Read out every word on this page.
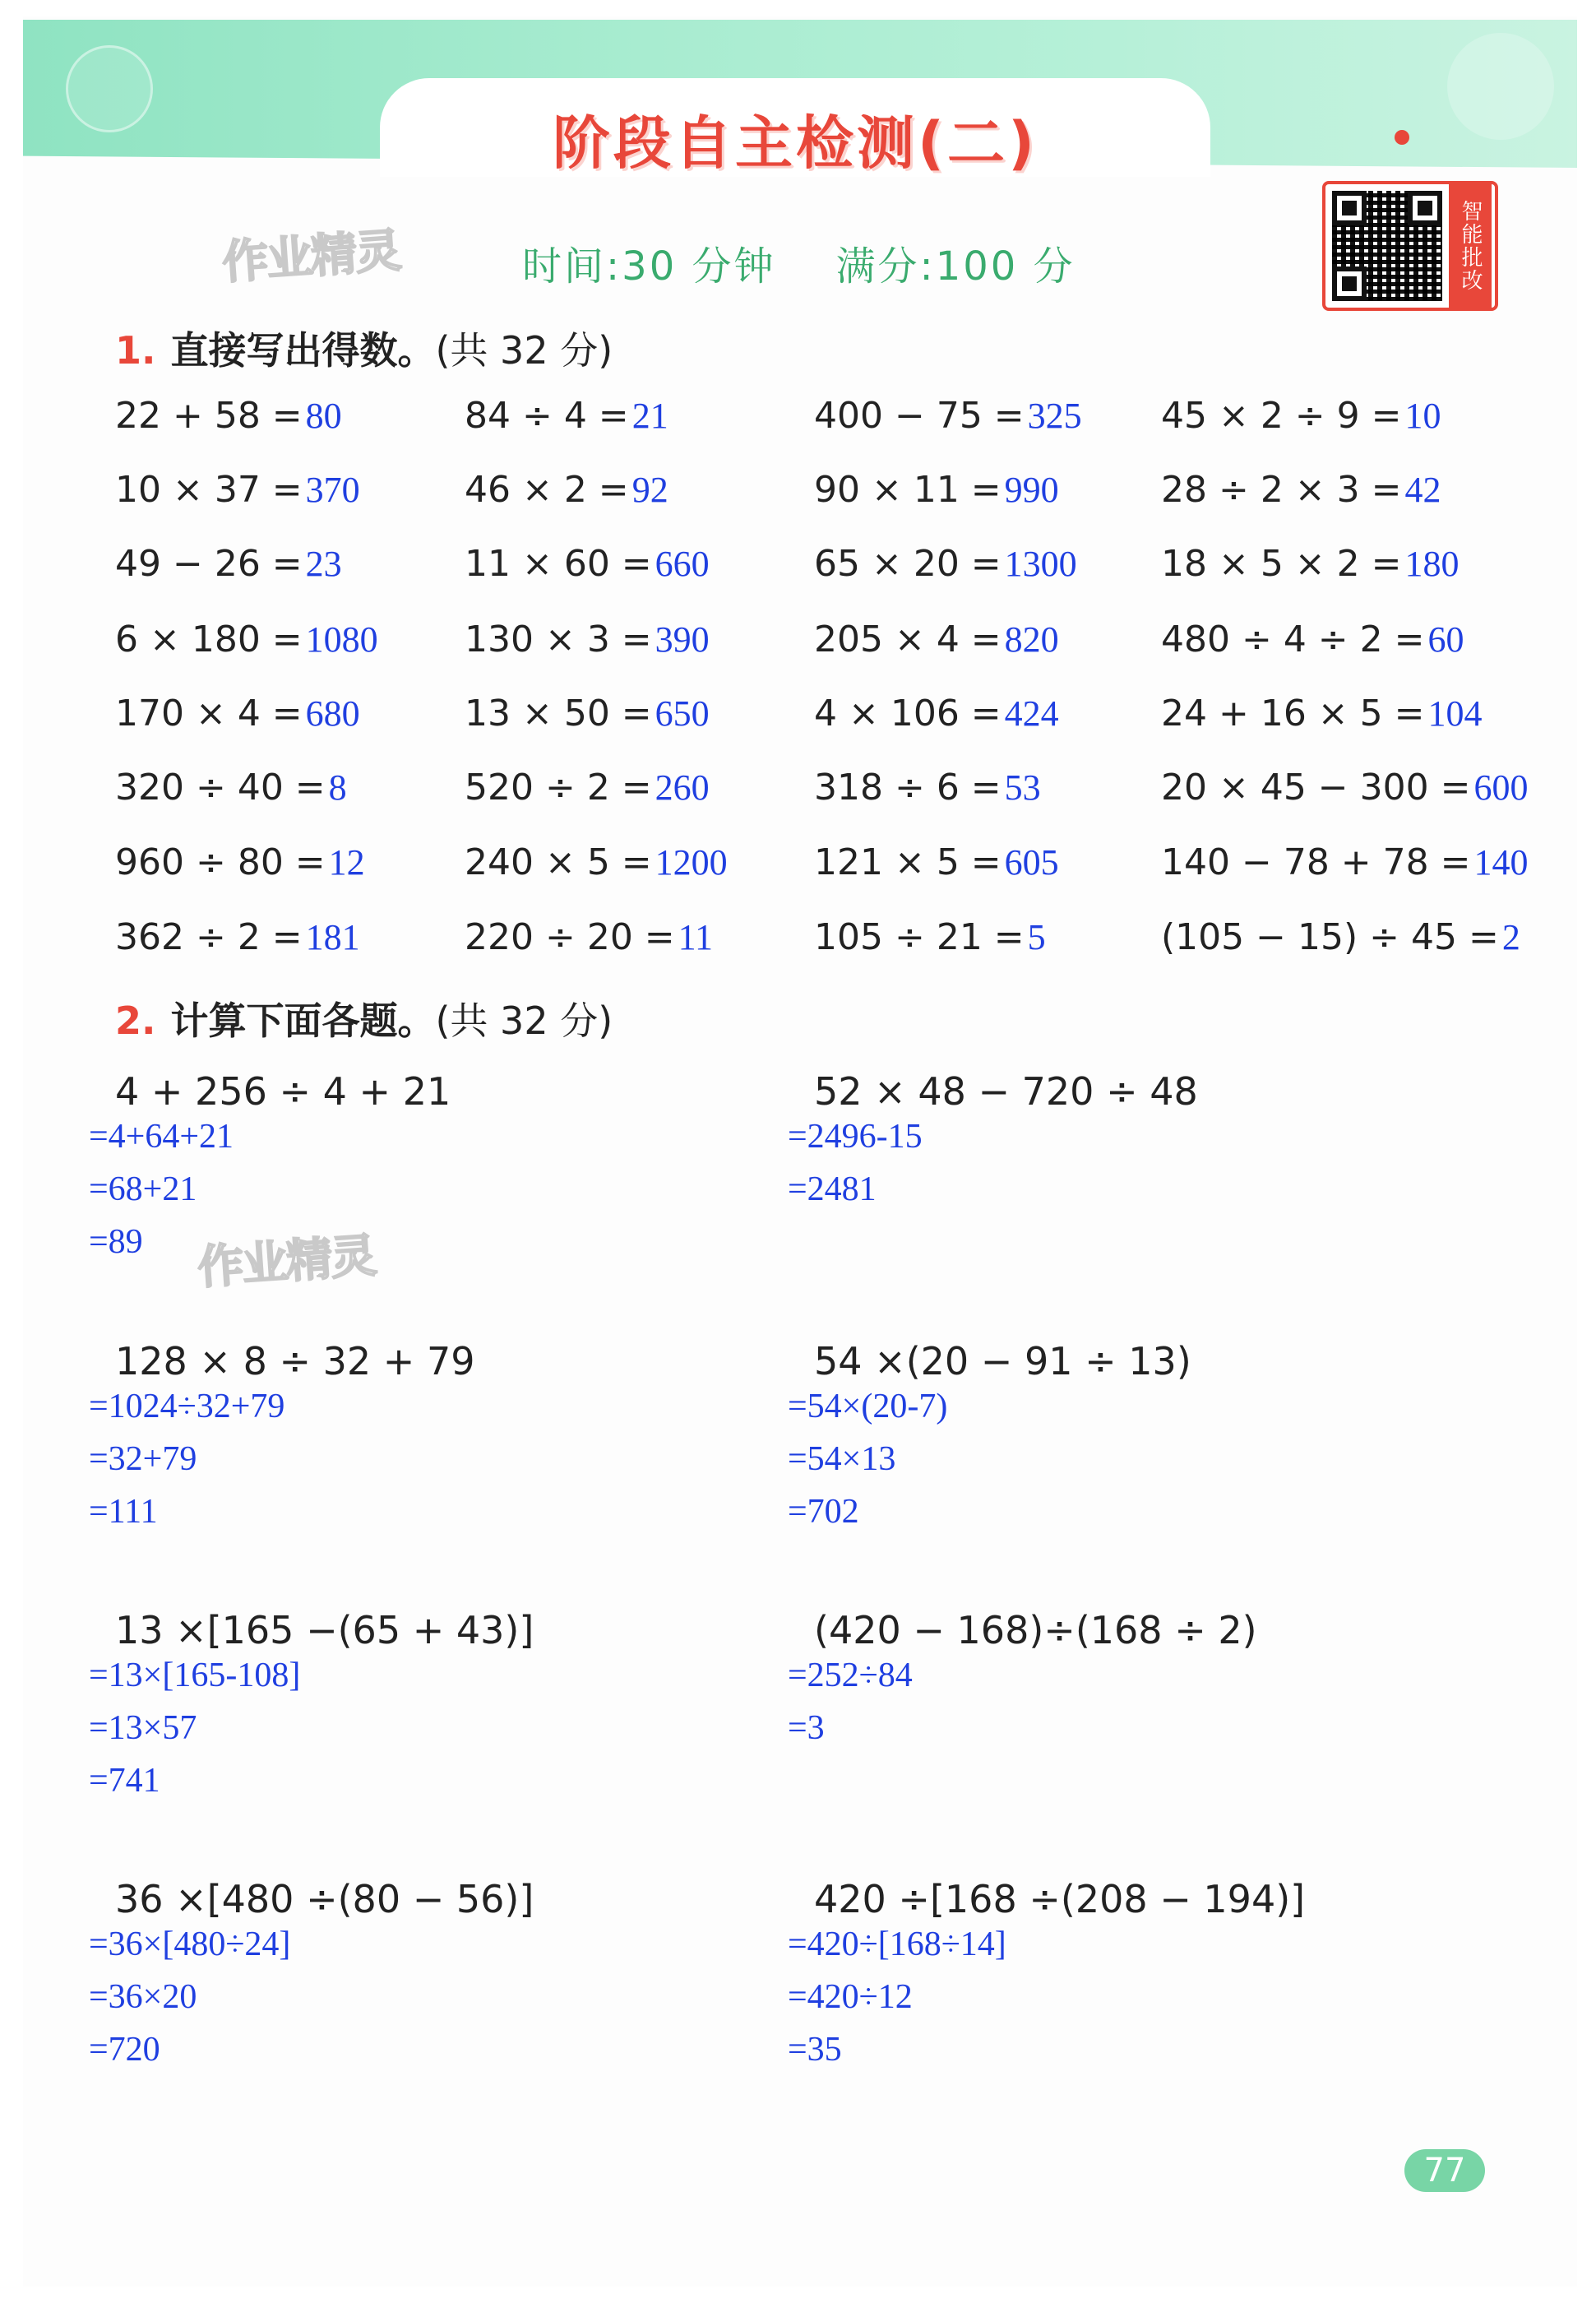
阶段自主检测(二)
作业精灵	时间:30 分钟 满分:100 分	智能批改
1. 直接写出得数。(共 32 分)
22 + 58 =80	84 ÷ 4 =21	400 − 75 =325 45 × 2 ÷ 9 =10
10 × 37 =370	46 × 2 =92	90 × 11 =990	28 ÷ 2 × 3 =42
49 − 26 =23	11 × 60 =660	65 × 20 =1300 18 × 5 × 2 =180
6 × 180 =1080 130 × 3 =390	205 × 4 =820	480 ÷ 4 ÷ 2 =60
170 × 4 =680	13 × 50 =650	4 × 106 =424	24 + 16 × 5 =104
320 ÷ 40 =8	520 ÷ 2 =260	318 ÷ 6 =53	20 × 45 − 300 =600
960 ÷ 80 =12	240 × 5 =1200 121 × 5 =605	140 − 78 + 78 =140
362 ÷ 2 =181	220 ÷ 20 =11	105 ÷ 21 =5	(105 − 15) ÷ 45 =2
2. 计算下面各题。(共 32 分)
4 + 256 ÷ 4 + 21
=4+64+21
=68+21
=89
52 × 48 − 720 ÷ 48
=2496-15
=2481
128 × 8 ÷ 32 + 79
=1024÷32+79
=32+79
=111
54 ×(20 − 91 ÷ 13)
=54×(20-7)
=54×13
=702
13 ×[165 −(65 + 43)]
=13×[165-108]
=13×57
=741
(420 − 168)÷(168 ÷ 2)
=252÷84
=3
36 ×[480 ÷(80 − 56)]
=36×[480÷24]
=36×20
=720
420 ÷[168 ÷(208 − 194)]
=420÷[168÷14]
=420÷12
=35
作业精灵
77
